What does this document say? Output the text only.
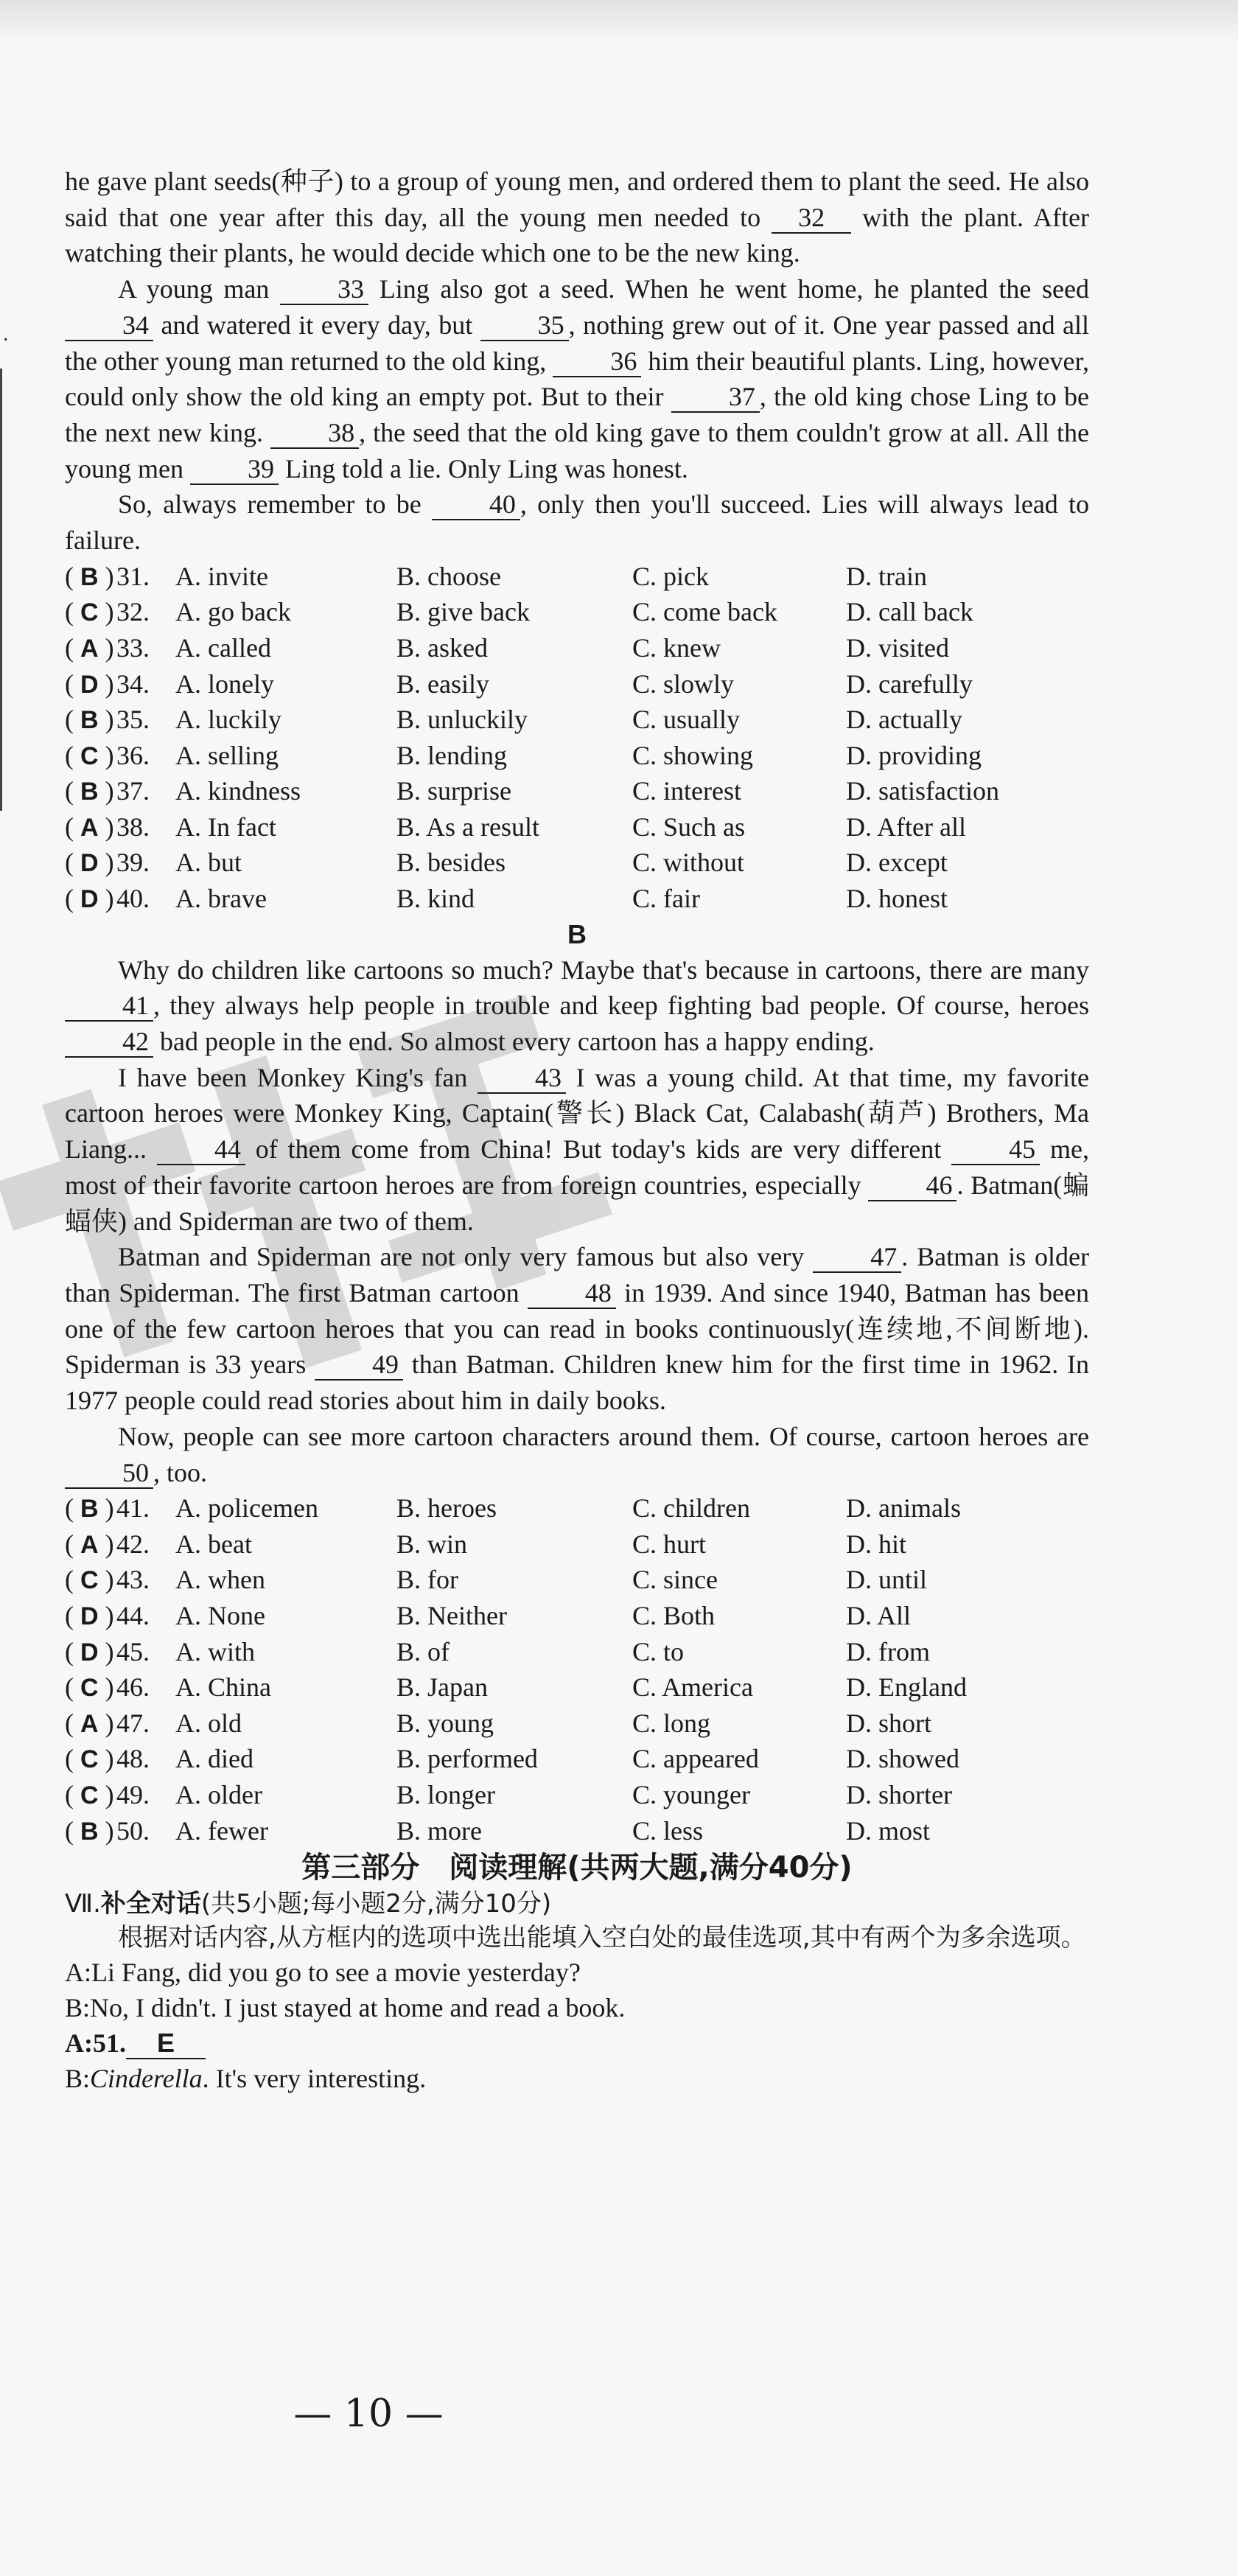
.

he gave plant seeds(种子) to a group of young men, and ordered them to plant the seed. He also said that one year after this day, all the young men needed to 32 with the plant. After watching their plants, he would decide which one to be the new king.

A young man	33 Ling also got a seed. When he went home, he planted the seed 34 and watered it every day, but 35 , nothing grew out of it. One year passed and all the other young man returned to the old king, 36 him their beautiful plants. Ling, however, could only show the old king an empty pot. But to their 37 , the old king chose Ling to be the next new king. 38 , the seed that the old king gave to them couldn't grow at all. All the young men 39 Ling told a lie. Only Ling was honest.

So, always remember to be	40 , only then you'll succeed. Lies will always lead to failure.

( B ) 31. A. invite	B. choose	C. pick	D. train
( C ) 32. A. go back	B. give back	C. come back	D. call back
( A ) 33. A. called	B. asked	C. knew	D. visited
( D ) 34. A. lonely	B. easily	C. slowly	D. carefully
( B ) 35. A. luckily	B. unluckily	C. usually	D. actually
( C ) 36. A. selling	B. lending	C. showing	D. providing
( B ) 37. A. kindness	B. surprise	C. interest	D. satisfaction
( A ) 38. A. In fact	B. As a result	C. Such as	D. After all
( D ) 39. A. but	B. besides	C. without	D. except
( D ) 40. A. brave	B. kind	C. fair	D. honest
B

Why do children like cartoons so much? Maybe that's because in cartoons, there are many 41 , they always help people in trouble and keep fighting bad people. Of course, heroes 42 bad people in the end. So almost every cartoon has a happy ending.

I have been Monkey King's fan	43 I was a young child. At that time, my favorite cartoon heroes were Monkey King, Captain(警长) Black Cat, Calabash(葫芦) Brothers, Ma Liang...	44 of them come from China! But today's kids are very different	45 me, most of their favorite cartoon heroes are from foreign countries, especially 46 . Batman(蝙蝠侠) and Spiderman are two of them.

Batman and Spiderman are not only very famous but also very 47 . Batman is older than Spiderman. The first Batman cartoon 48 in 1939. And since 1940, Batman has been one of the few cartoon heroes that you can read in books continuously(连续地,不间断地). Spiderman is 33 years 49 than Batman. Children knew him for the first time in 1962. In 1977 people could read stories about him in daily books.

Now, people can see more cartoon characters around them. Of course, cartoon heroes are 50 , too.

( B ) 41. A. policemen	B. heroes	C. children	D. animals
( A ) 42. A. beat	B. win	C. hurt	D. hit
( C ) 43. A. when	B. for	C. since	D. until
( D ) 44. A. None	B. Neither	C. Both	D. All
( D ) 45. A. with	B. of	C. to	D. from
( C ) 46. A. China	B. Japan	C. America	D. England
( A ) 47. A. old	B. young	C. long	D. short
( C ) 48. A. died	B. performed	C. appeared	D. showed
( C ) 49. A. older	B. longer	C. younger	D. shorter
( B ) 50. A. fewer	B. more	C. less	D. most
第三部分　阅读理解(共两大题,满分40分)
Ⅶ.补全对话(共5小题;每小题2分,满分10分)

根据对话内容,从方框内的选项中选出能填入空白处的最佳选项,其中有两个为多余选项。

A:Li Fang, did you go to see a movie yesterday?

B:No, I didn't. I just stayed at home and read a book.

A:51. E

B:Cinderella. It's very interesting.

— 10 —
